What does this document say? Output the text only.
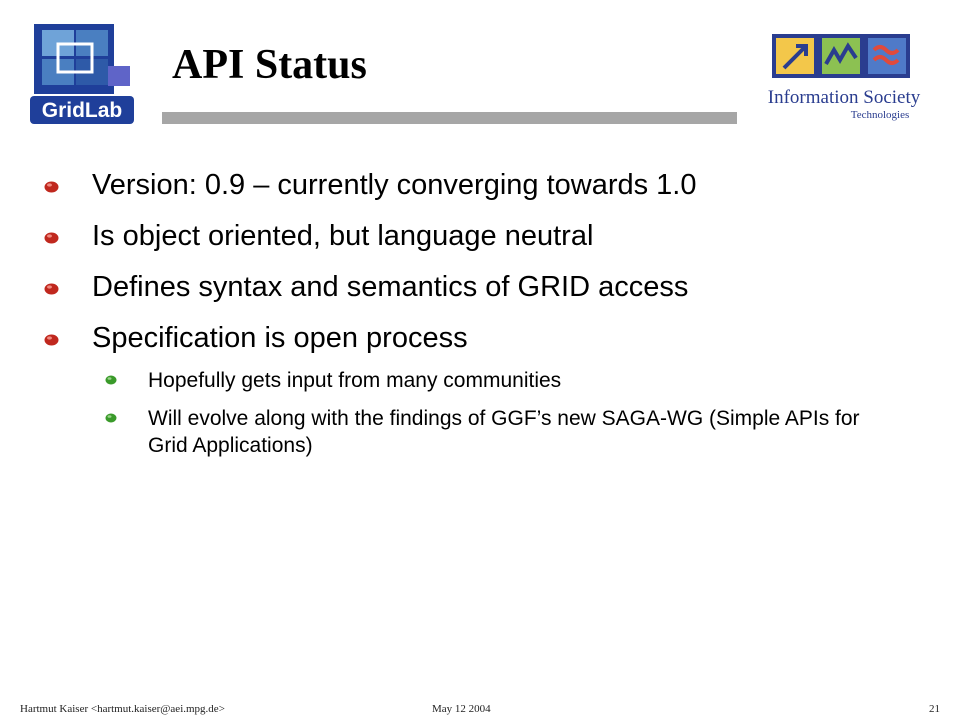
GridLab
Information Society
Technologies
API Status
Version: 0.9 – currently converging towards 1.0
Is object oriented, but language neutral
Defines syntax and semantics of GRID access
Specification is open process
Hopefully gets input from many communities
Will evolve along with the findings of GGF’s new SAGA-WG (Simple APIs for Grid Applications)
Hartmut Kaiser <hartmut.kaiser@aei.mpg.de>	May 12 2004	21
